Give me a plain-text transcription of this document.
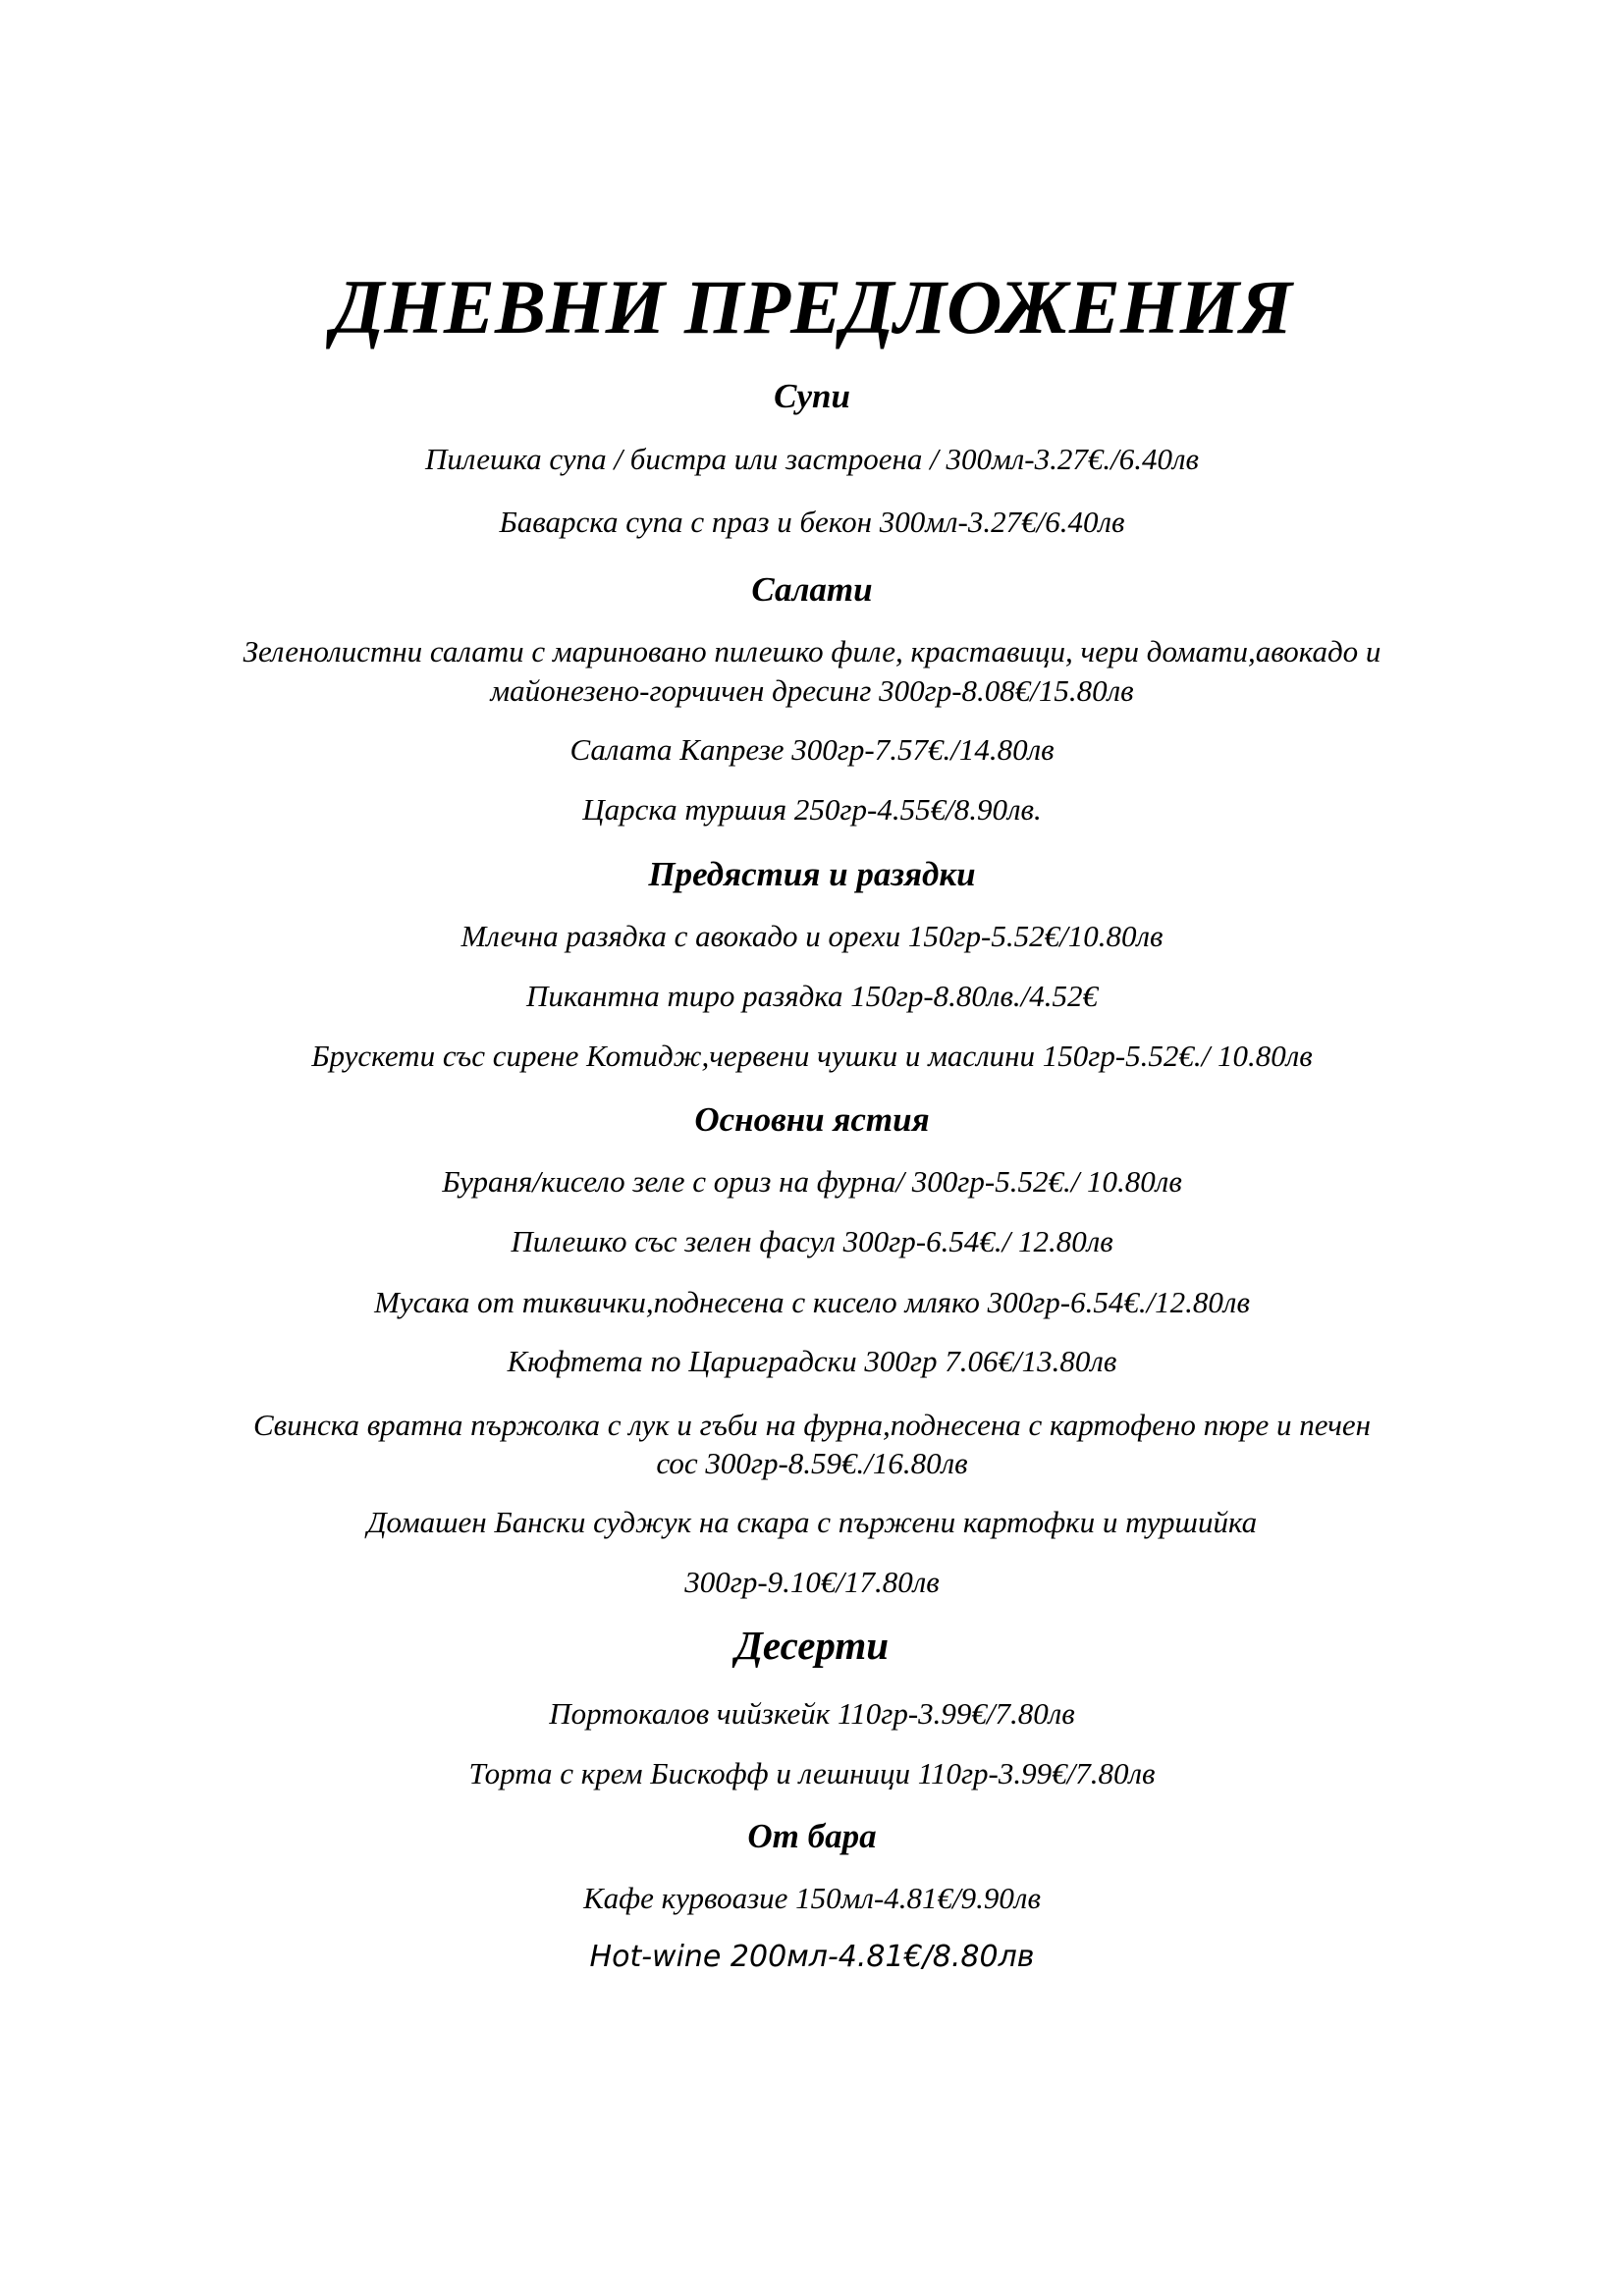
ДНЕВНИ ПРЕДЛОЖЕНИЯ
Супи
Пилешка супа / бистра или застроена / 300мл-3.27€./6.40лв
Баварска супа с праз и бекон 300мл-3.27€/6.40лв
Салати
Зеленолистни салати с мариновано пилешко филе, краставици, чери домати,авокадо и
майонезено-горчичен дресинг 300гр-8.08€/15.80лв
Салата Капрезе 300гр-7.57€./14.80лв
Царска туршия 250гр-4.55€/8.90лв.
Предястия и разядки
Млечна разядка с авокадо и орехи 150гр-5.52€/10.80лв
Пикантна тиро разядка 150гр-8.80лв./4.52€
Брускети със сирене Котидж,червени чушки и маслини 150гр-5.52€./ 10.80лв
Основни ястия
Бураня/кисело зеле с ориз на фурна/ 300гр-5.52€./ 10.80лв
Пилешко със зелен фасул 300гр-6.54€./ 12.80лв
Мусака от тиквички,поднесена с кисело мляко 300гр-6.54€./12.80лв
Кюфтета по Цариградски 300гр 7.06€/13.80лв
Свинска вратна пържолка с лук и гъби на фурна,поднесена с картофено пюре и печен
сос 300гр-8.59€./16.80лв
Домашен Бански суджук на скара с пържени картофки и туршийка
300гр-9.10€/17.80лв
Десерти
Портокалов чийзкейк 110гр-3.99€/7.80лв
Торта с крем Бискофф и лешници 110гр-3.99€/7.80лв
От бара
Кафе курвоазие 150мл-4.81€/9.90лв
Hot-wine 200мл-4.81€/8.80лв
